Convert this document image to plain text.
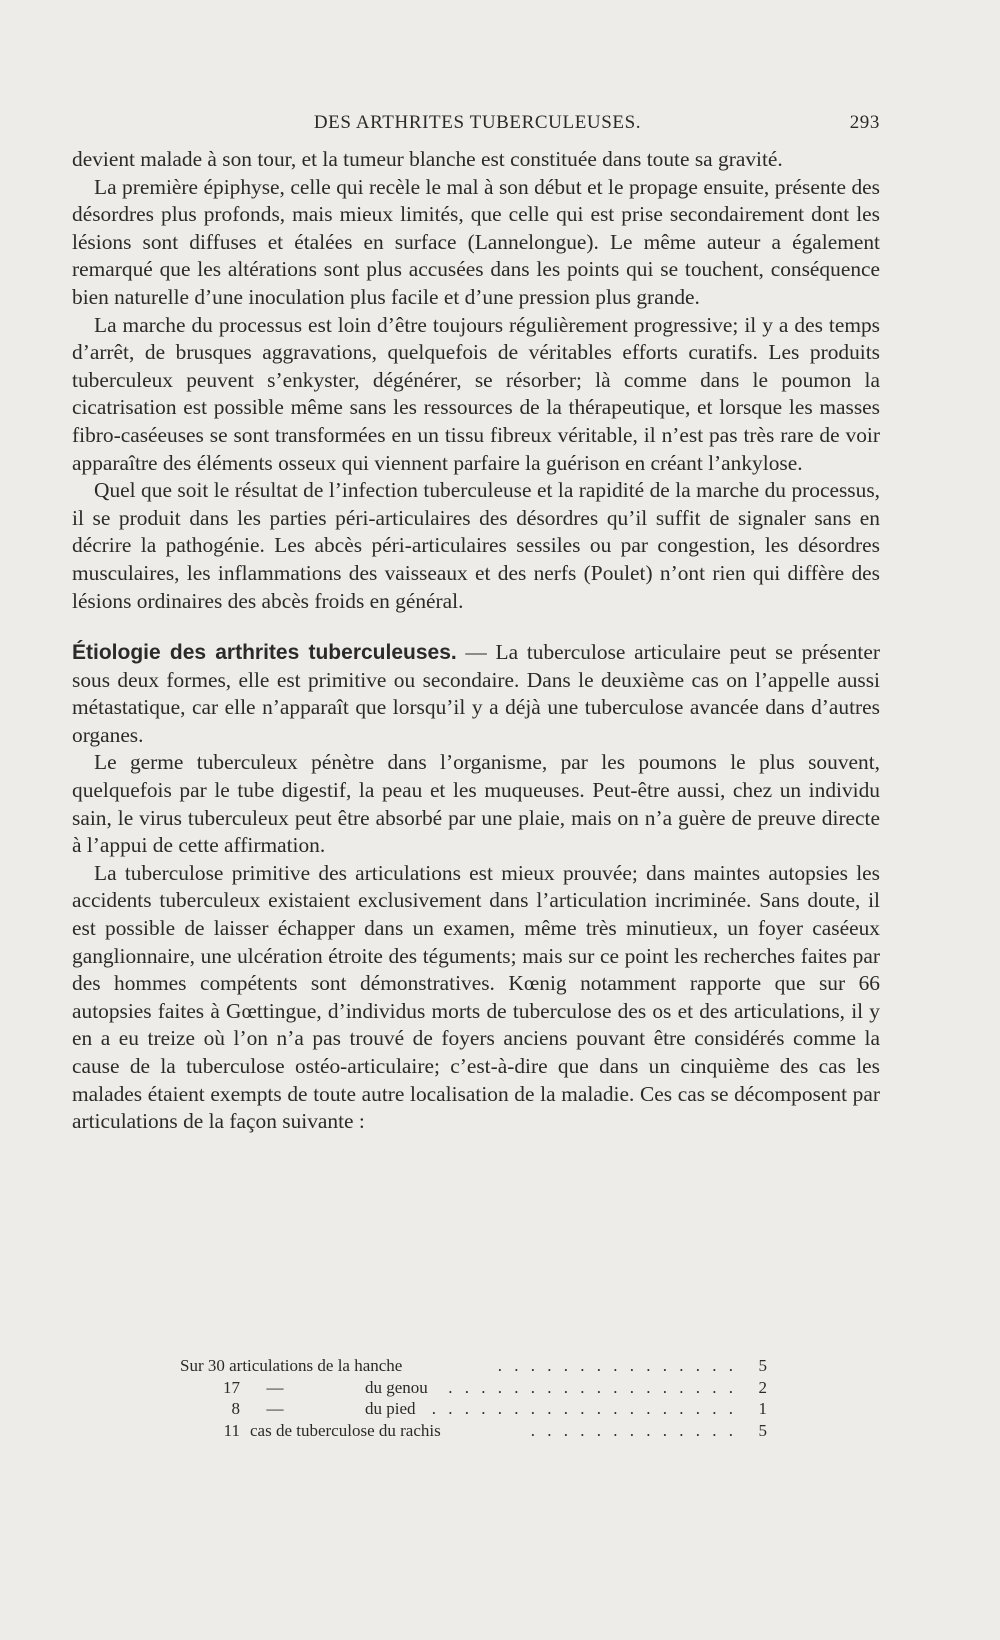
DES ARTHRITES TUBERCULEUSES.	293

devient malade à son tour, et la tumeur blanche est constituée dans toute sa gravité.

La première épiphyse, celle qui recèle le mal à son début et le propage ensuite, présente des désordres plus profonds, mais mieux limités, que celle qui est prise secondairement dont les lésions sont diffuses et étalées en surface (Lannelongue). Le même auteur a également remarqué que les altérations sont plus accusées dans les points qui se touchent, conséquence bien naturelle d’une inoculation plus facile et d’une pression plus grande.

La marche du processus est loin d’être toujours régulièrement progressive; il y a des temps d’arrêt, de brusques aggravations, quelquefois de véritables efforts curatifs. Les produits tuberculeux peuvent s’enkyster, dégénérer, se résorber; là comme dans le poumon la cicatrisation est possible même sans les ressources de la thérapeutique, et lorsque les masses fibro-caséeuses se sont transformées en un tissu fibreux véritable, il n’est pas très rare de voir apparaître des éléments osseux qui viennent parfaire la guérison en créant l’ankylose.

Quel que soit le résultat de l’infection tuberculeuse et la rapidité de la marche du processus, il se produit dans les parties péri-articulaires des désordres qu’il suffit de signaler sans en décrire la pathogénie. Les abcès péri-articulaires sessiles ou par congestion, les désordres musculaires, les inflammations des vaisseaux et des nerfs (Poulet) n’ont rien qui diffère des lésions ordinaires des abcès froids en général.

Étiologie des arthrites tuberculeuses. — La tuberculose articulaire peut se présenter sous deux formes, elle est primitive ou secondaire. Dans le deuxième cas on l’appelle aussi métastatique, car elle n’apparaît que lorsqu’il y a déjà une tuberculose avancée dans d’autres organes.

Le germe tuberculeux pénètre dans l’organisme, par les poumons le plus souvent, quelquefois par le tube digestif, la peau et les muqueuses. Peut-être aussi, chez un individu sain, le virus tuberculeux peut être absorbé par une plaie, mais on n’a guère de preuve directe à l’appui de cette affirmation.

La tuberculose primitive des articulations est mieux prouvée; dans maintes autopsies les accidents tuberculeux existaient exclusivement dans l’articulation incriminée. Sans doute, il est possible de laisser échapper dans un examen, même très minutieux, un foyer caséeux ganglionnaire, une ulcération étroite des téguments; mais sur ce point les recherches faites par des hommes compétents sont démonstratives. Kœnig notamment rapporte que sur 66 autopsies faites à Gœttingue, d’individus morts de tuberculose des os et des articulations, il y en a eu treize où l’on n’a pas trouvé de foyers anciens pouvant être considérés comme la cause de la tuberculose ostéo-articulaire; c’est-à-dire que dans un cinquième des cas les malades étaient exempts de toute autre localisation de la maladie. Ces cas se décomposent par articulations de la façon suivante :

Sur 30 articulations de la hanche	. . . . . . . . . . . . . . .	5
17	—	du genou . . . . . . . . . . . . . . . . . .	2
8	—	du pied . . . . . . . . . . . . . . . . . . .	1
11 cas de tuberculose du rachis	. . . . . . . . . . . . .	5
